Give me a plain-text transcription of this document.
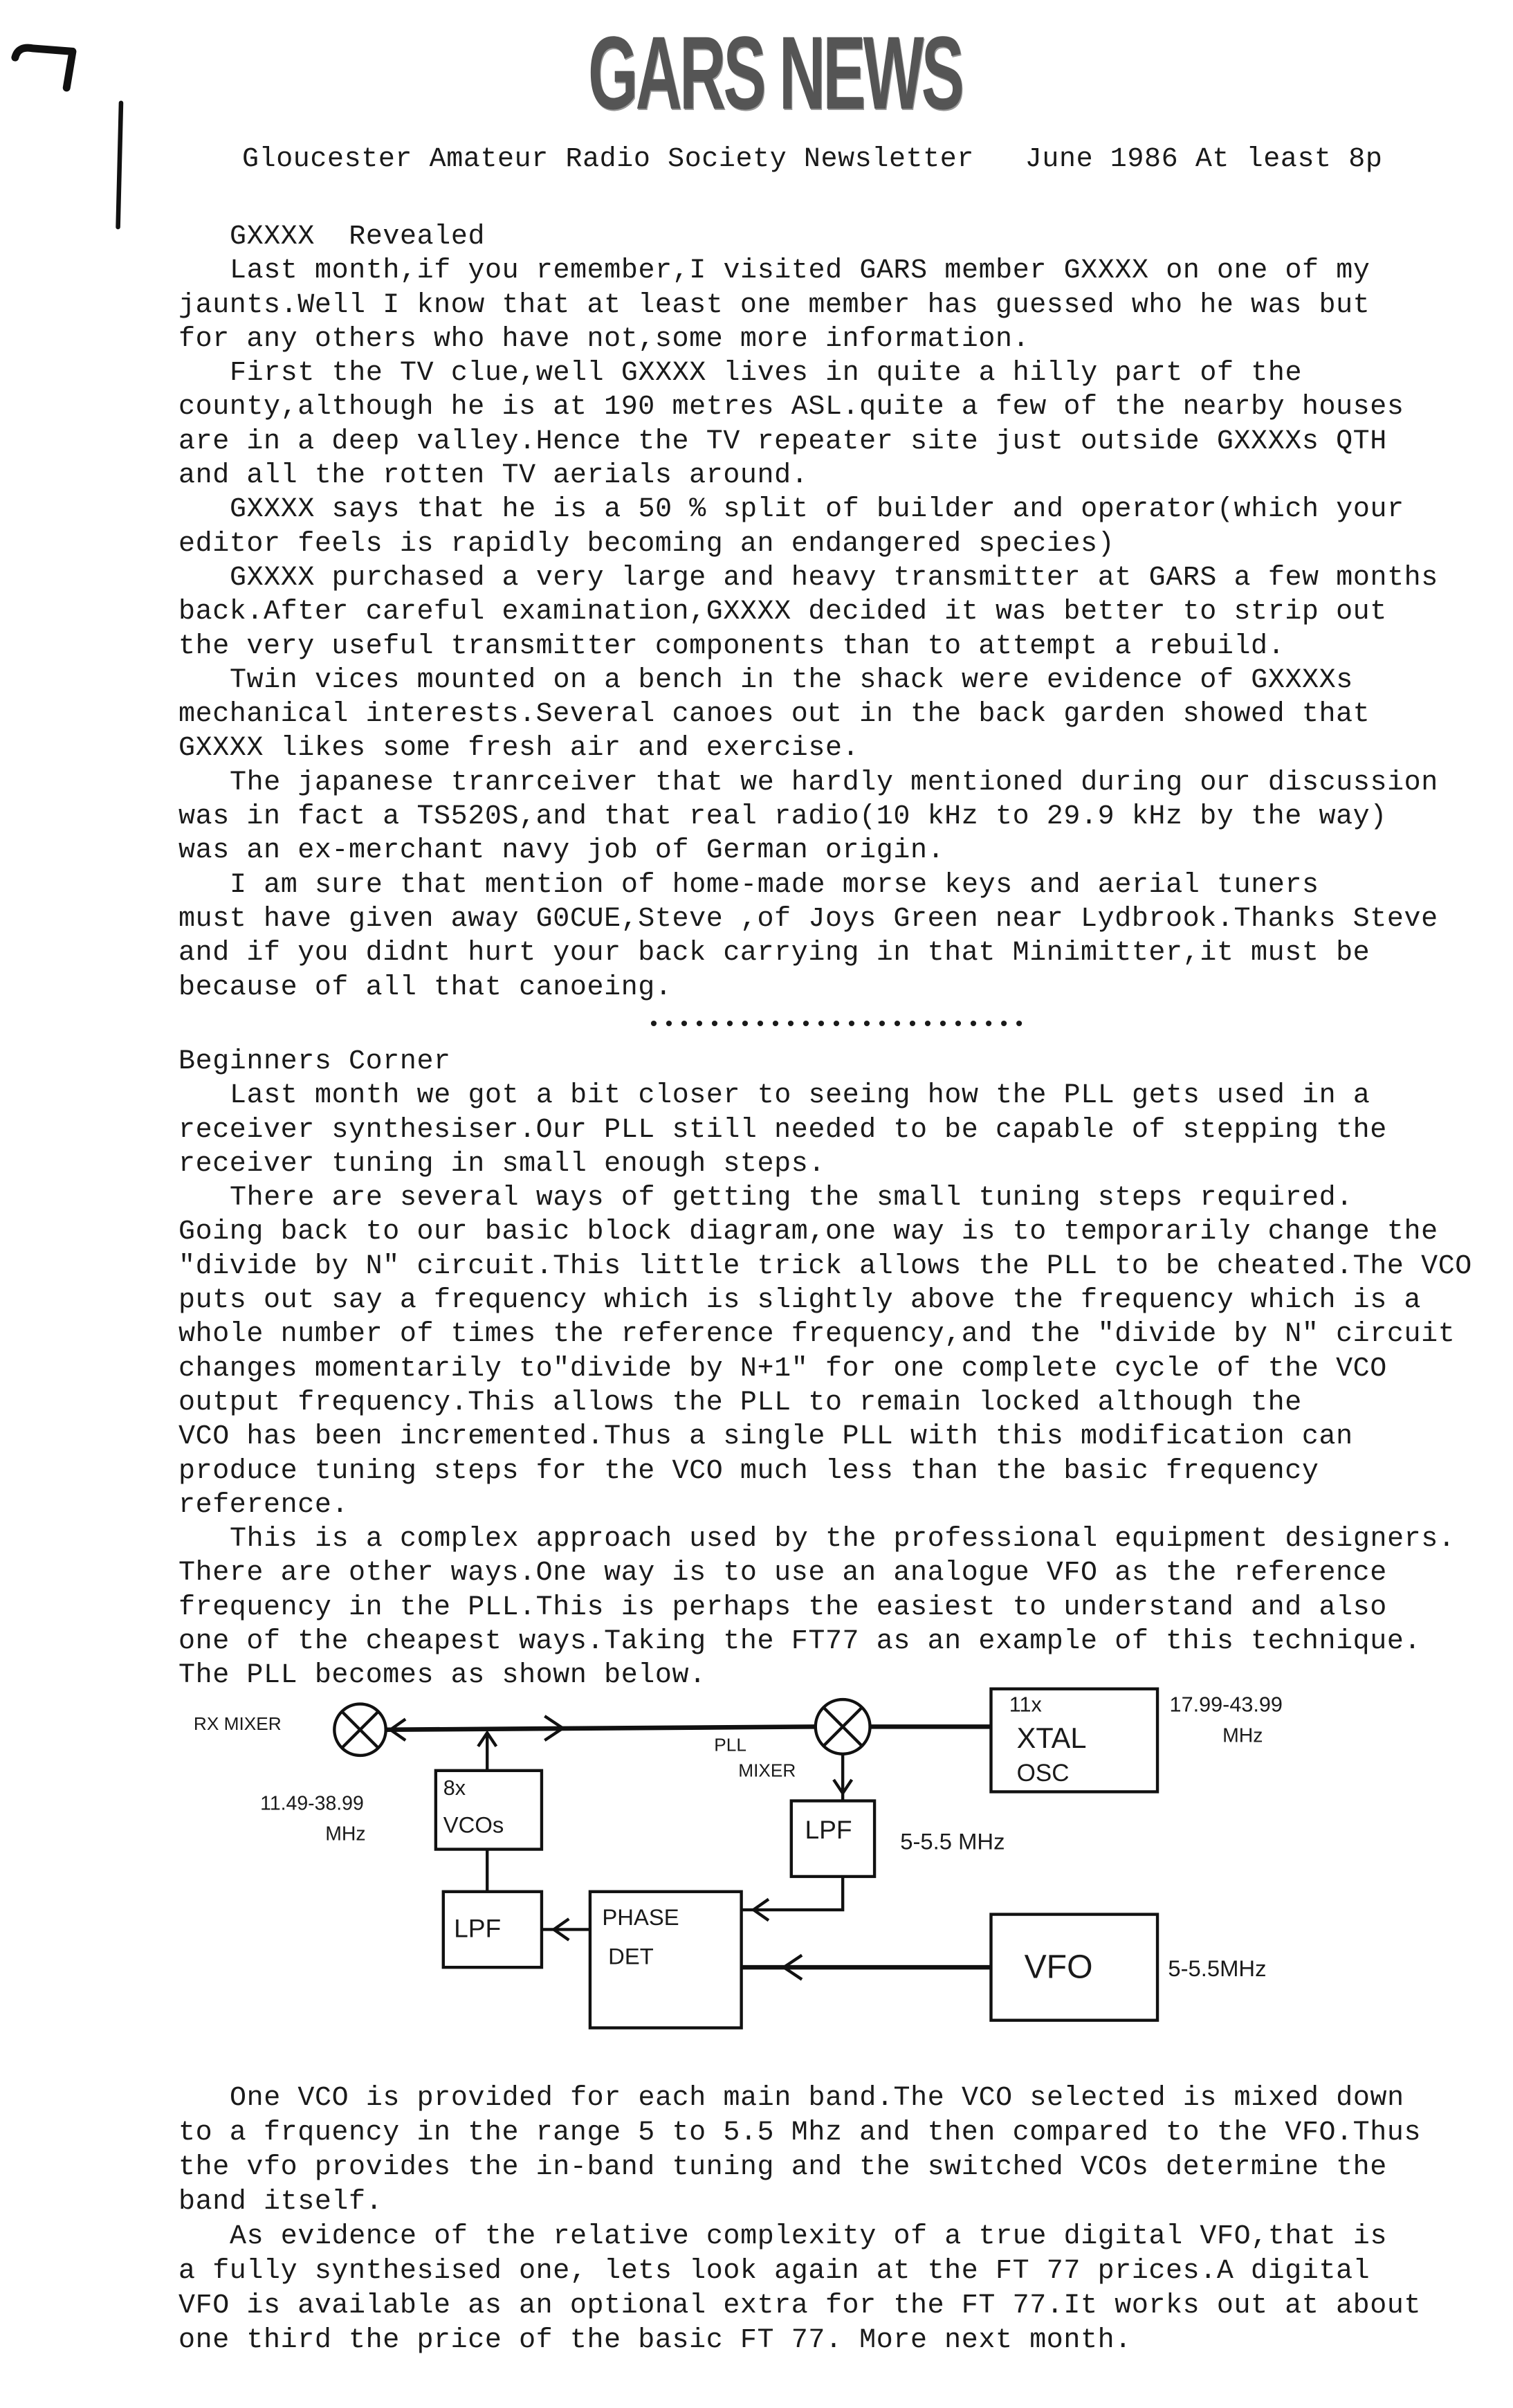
GARS NEWS
RX MIXER
PLL
MIXER
11x
XTAL
OSC
17.99-43.99
MHz
8x
VCOs
11.49-38.99
MHz	LPF	5-5.5 MHz
LPF	PHASE
DET	VFO	5-5.5MHz
Gloucester Amateur Radio Society Newsletter   June 1986 At least 8p
GXXXX  Revealed
Last month,if you remember,I visited GARS member GXXXX on one of my
jaunts.Well I know that at least one member has guessed who he was but
for any others who have not,some more information.
First the TV clue,well GXXXX lives in quite a hilly part of the
county,although he is at 190 metres ASL.quite a few of the nearby houses
are in a deep valley.Hence the TV repeater site just outside GXXXXs QTH
and all the rotten TV aerials around.
GXXXX says that he is a 50 % split of builder and operator(which your
editor feels is rapidly becoming an endangered species)
GXXXX purchased a very large and heavy transmitter at GARS a few months
back.After careful examination,GXXXX decided it was better to strip out
the very useful transmitter components than to attempt a rebuild.
Twin vices mounted on a bench in the shack were evidence of GXXXXs
mechanical interests.Several canoes out in the back garden showed that
GXXXX likes some fresh air and exercise.
The japanese tranrceiver that we hardly mentioned during our discussion
was in fact a TS520S,and that real radio(10 kHz to 29.9 kHz by the way)
was an ex-merchant navy job of German origin.
I am sure that mention of home-made morse keys and aerial tuners
must have given away G0CUE,Steve ,of Joys Green near Lydbrook.Thanks Steve
and if you didnt hurt your back carrying in that Minimitter,it must be
because of all that canoeing.
•••••••••••••••••••••••••
Beginners Corner
Last month we got a bit closer to seeing how the PLL gets used in a
receiver synthesiser.Our PLL still needed to be capable of stepping the
receiver tuning in small enough steps.
There are several ways of getting the small tuning steps required.
Going back to our basic block diagram,one way is to temporarily change the
"divide by N" circuit.This little trick allows the PLL to be cheated.The VCO
puts out say a frequency which is slightly above the frequency which is a
whole number of times the reference frequency,and the "divide by N" circuit
changes momentarily to"divide by N+1" for one complete cycle of the VCO
output frequency.This allows the PLL to remain locked although the
VCO has been incremented.Thus a single PLL with this modification can
produce tuning steps for the VCO much less than the basic frequency
reference.
This is a complex approach used by the professional equipment designers.
There are other ways.One way is to use an analogue VFO as the reference
frequency in the PLL.This is perhaps the easiest to understand and also
one of the cheapest ways.Taking the FT77 as an example of this technique.
The PLL becomes as shown below.
One VCO is provided for each main band.The VCO selected is mixed down
to a frquency in the range 5 to 5.5 Mhz and then compared to the VFO.Thus
the vfo provides the in-band tuning and the switched VCOs determine the
band itself.
As evidence of the relative complexity of a true digital VFO,that is
a fully synthesised one, lets look again at the FT 77 prices.A digital
VFO is available as an optional extra for the FT 77.It works out at about
one third the price of the basic FT 77. More next month.
